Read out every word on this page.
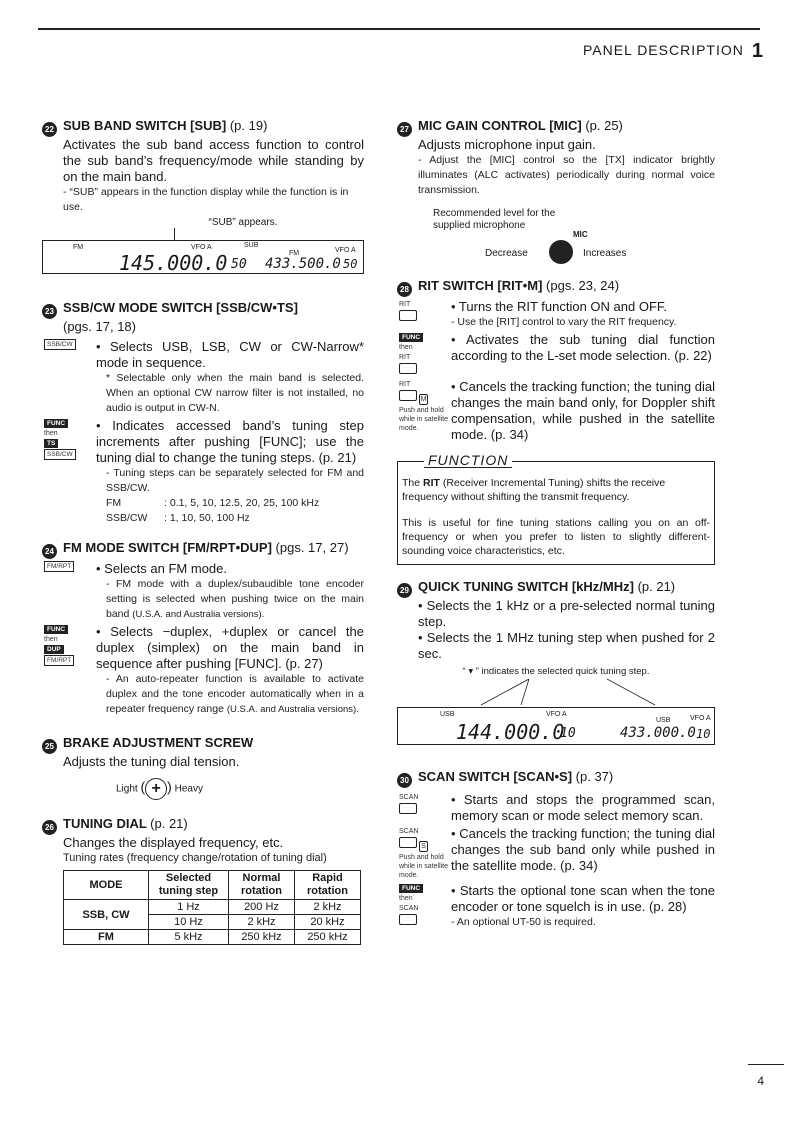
PANEL DESCRIPTION 1
22 SUB BAND SWITCH [SUB] (p. 19)
Activates the sub band access function to control the sub band’s frequency/mode while standing by on the main band.
- “SUB” appears in the function display while the function is in use.
“SUB” appears.
FM	VFO A	SUB
FM	VFO A
145.000.0 50 433.500.0 50
23 SSB/CW MODE SWITCH [SSB/CW•TS]
(pgs. 17, 18)
SSB/CW	• Selects USB, LSB, CW or CW-Narrow* mode in sequence.
* Selectable only when the main band is selected. When an optional CW narrow filter is not installed, no audio is output in CW-N.
FUNC
then
TS
SSB/CW
• Indicates accessed band’s tuning step increments after pushing [FUNC]; use the tuning dial to change the tuning steps. (p. 21)
- Tuning steps can be separately selected for FM and SSB/CW.
FM	: 0.1, 5, 10, 12.5, 20, 25, 100 kHz
SSB/CW : 1, 10, 50, 100 Hz
24 FM MODE SWITCH [FM/RPT•DUP] (pgs. 17, 27)
FM/RPT	• Selects an FM mode.
- FM mode with a duplex/subaudible tone encoder setting is selected when pushing twice on the main band (U.S.A. and Australia versions).
FUNC
then
DUP
FM/RPT
• Selects −duplex, +duplex or cancel the duplex (simplex) on the main band in sequence after pushing [FUNC]. (p. 27)
- An auto-repeater function is available to activate duplex and the tone encoder automatically when in a repeater frequency range (U.S.A. and Australia versions).
25 BRAKE ADJUSTMENT SCREW
Adjusts the tuning dial tension.
Light ( + ) Heavy
26 TUNING DIAL (p. 21)
Changes the displayed frequency, etc.
Tuning rates (frequency change/rotation of tuning dial)
MODE	Selected tuning step	Normal rotation	Rapid rotation
SSB, CW	1 Hz	200 Hz	2 kHz
	10 Hz	2 kHz	20 kHz
FM	5 kHz	250 kHz	250 kHz
27 MIC GAIN CONTROL [MIC] (p. 25)
Adjusts microphone input gain.
- Adjust the [MIC] control so the [TX] indicator brightly illuminates (ALC activates) periodically during normal voice transmission.
Recommended level for the supplied microphone
MIC
Decrease	Increases
28 RIT SWITCH [RIT•M] (pgs. 23, 24)
RIT	• Turns the RIT function ON and OFF.
- Use the [RIT] control to vary the RIT frequency.
FUNC
then
RIT
• Activates the sub tuning dial function according to the L-set mode selection. (p. 22)
RIT
M
Push and hold while in satellite mode.
• Cancels the tracking function; the tuning dial changes the main band only, for Doppler shift compensation, while pushed in the satellite mode. (p. 34)
FUNCTION

The RIT (Receiver Incremental Tuning) shifts the receive frequency without shifting the transmit frequency.

This is useful for fine tuning stations calling you on an off-frequency or when you prefer to listen to slightly different-sounding voice characteristics, etc.

29 QUICK TUNING SWITCH [kHz/MHz] (p. 21)
• Selects the 1 kHz or a pre-selected normal tuning step.
• Selects the 1 MHz tuning step when pushed for 2 sec.
“ ▾ ” indicates the selected quick tuning step.
USB	VFO A
USB	VFO A
144.000.0
10	433.000.0 10
30 SCAN SWITCH [SCAN•S] (p. 37)
SCAN	• Starts and stops the programmed scan, memory scan or mode select memory scan.
SCAN
S
Push and hold while in satellite mode.
• Cancels the tracking function; the tuning dial changes the sub band only while pushed in the satellite mode. (p. 34)
FUNC
then
SCAN
• Starts the optional tone scan when the tone encoder or tone squelch is in use. (p. 28)
- An optional UT-50 is required.
4
